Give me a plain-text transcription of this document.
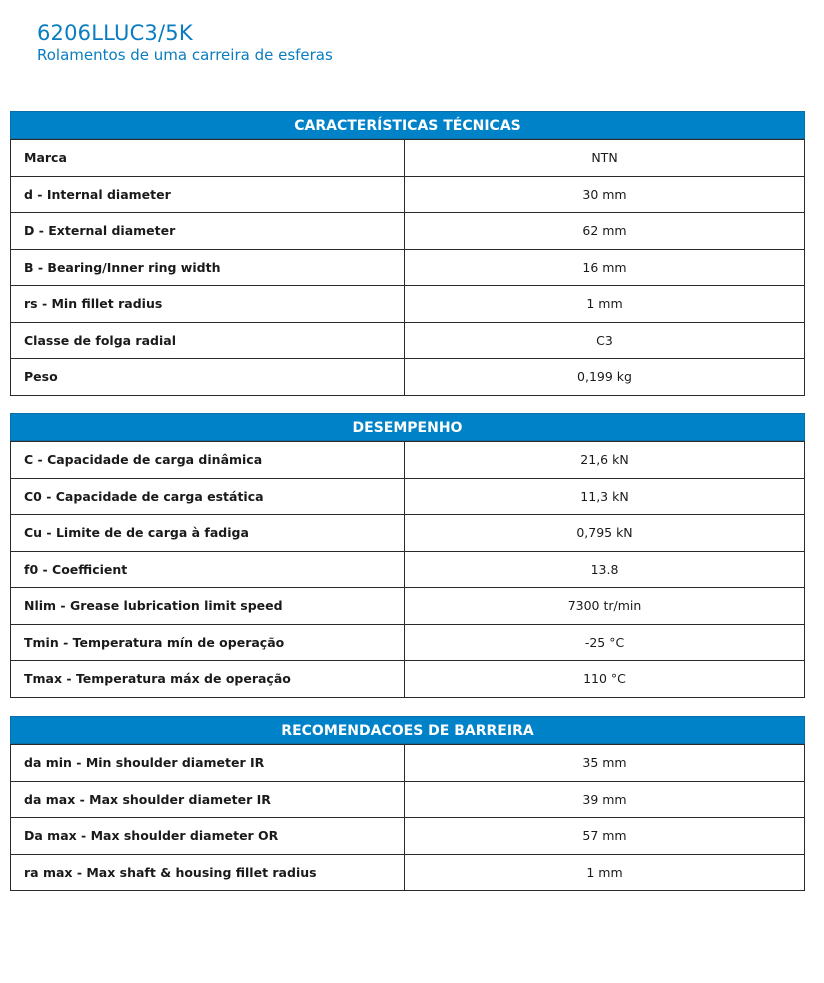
6206LLUC3/5K
Rolamentos de uma carreira de esferas
CARACTERÍSTICAS TÉCNICAS
Marca	NTN
d - Internal diameter	30 mm
D - External diameter	62 mm
B - Bearing/Inner ring width	16 mm
rs - Min fillet radius	1 mm
Classe de folga radial	C3
Peso	0,199 kg
DESEMPENHO
C - Capacidade de carga dinâmica	21,6 kN
C0 - Capacidade de carga estática	11,3 kN
Cu - Limite de de carga à fadiga	0,795 kN
f0 - Coefficient	13.8
Nlim - Grease lubrication limit speed	7300 tr/min
Tmin - Temperatura mín de operação	-25 °C
Tmax - Temperatura máx de operação	110 °C
RECOMENDACOES DE BARREIRA
da min - Min shoulder diameter IR	35 mm
da max - Max shoulder diameter IR	39 mm
Da max - Max shoulder diameter OR	57 mm
ra max - Max shaft & housing fillet radius	1 mm
